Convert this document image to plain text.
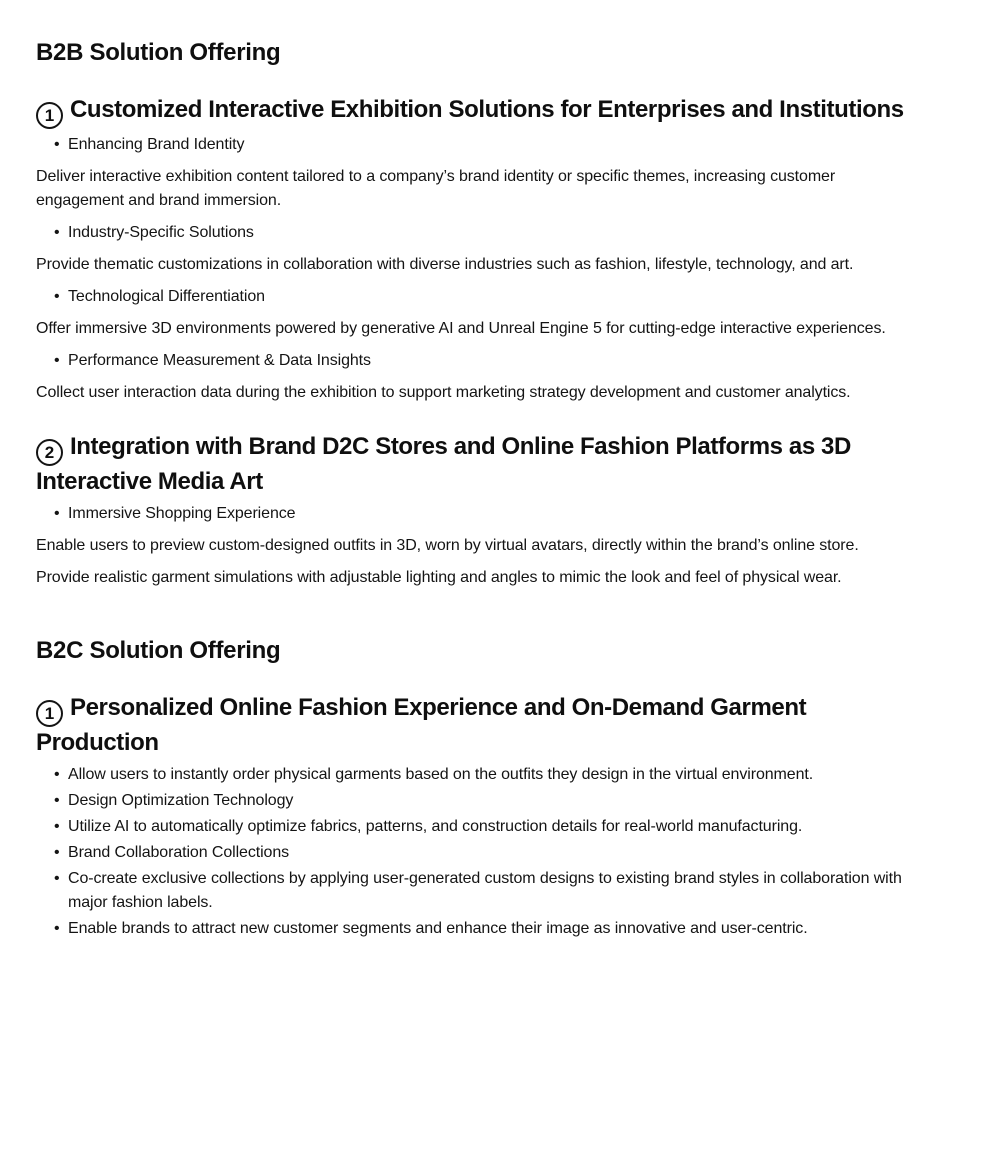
B2B Solution Offering
1 Customized Interactive Exhibition Solutions for Enterprises and Institutions
• Enhancing Brand Identity

Deliver interactive exhibition content tailored to a company’s brand identity or specific themes, increasing customer engagement and brand immersion.

• Industry-Specific Solutions

Provide thematic customizations in collaboration with diverse industries such as fashion, lifestyle, technology, and art.

• Technological Differentiation

Offer immersive 3D environments powered by generative AI and Unreal Engine 5 for cutting-edge interactive experiences.

• Performance Measurement & Data Insights

Collect user interaction data during the exhibition to support marketing strategy development and customer analytics.

2 Integration with Brand D2C Stores and Online Fashion Platforms as 3D Interactive Media Art
• Immersive Shopping Experience

Enable users to preview custom-designed outfits in 3D, worn by virtual avatars, directly within the brand’s online store.

Provide realistic garment simulations with adjustable lighting and angles to mimic the look and feel of physical wear.

B2C Solution Offering
1 Personalized Online Fashion Experience and On-Demand Garment Production
• Allow users to instantly order physical garments based on the outfits they design in the virtual environment.
• Design Optimization Technology
• Utilize AI to automatically optimize fabrics, patterns, and construction details for real-world manufacturing.
• Brand Collaboration Collections
• Co-create exclusive collections by applying user-generated custom designs to existing brand styles in collaboration with major fashion labels.
• Enable brands to attract new customer segments and enhance their image as innovative and user-centric.
